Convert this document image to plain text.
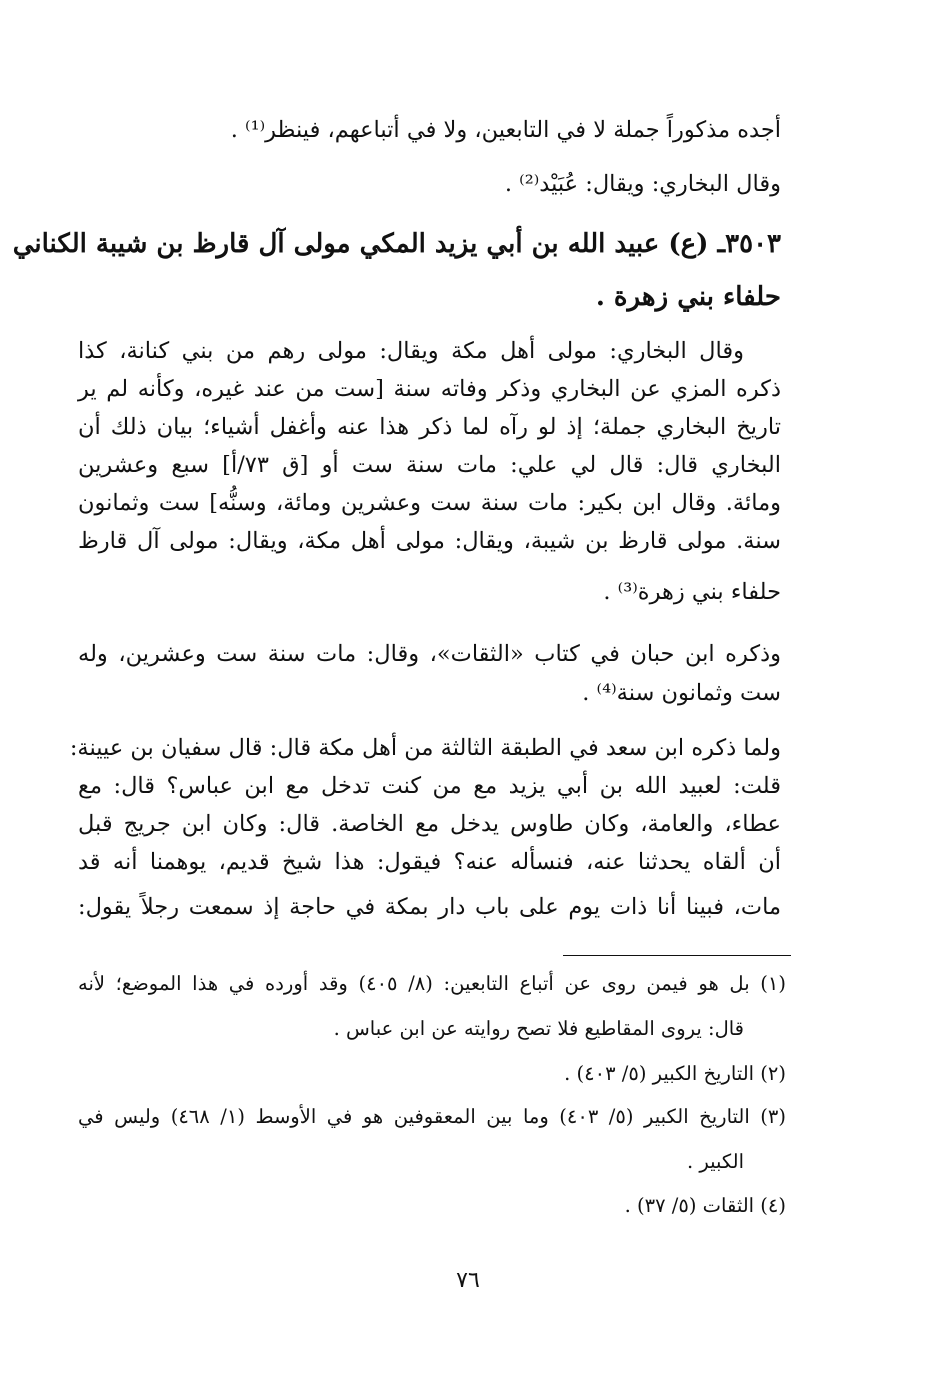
أجده مذكوراً جملة لا في التابعين، ولا في أتباعهم، فينظر⁽¹⁾ .
وقال البخاري: ويقال: عُبَيْد⁽²⁾ .
٣٥٠٣ـ (ع) عبيد الله بن أبي يزيد المكي مولى آل قارظ بن شيبة الكناني
حلفاء بني زهرة .
وقال البخاري: مولى أهل مكة ويقال: مولى رهم من بني كنانة، كذا
ذكره المزي عن البخاري وذكر وفاته سنة [ست من عند غيره، وكأنه لم ير
تاريخ البخاري جملة؛ إذ لو رآه لما ذكر هذا عنه وأغفل أشياء؛ بيان ذلك أن
البخاري قال: قال لي علي: مات سنة ست أو [ق ٧٣/أ] سبع وعشرين
ومائة. وقال ابن بكير: مات سنة ست وعشرين ومائة، وسنُّه] ست وثمانون
سنة. مولى قارظ بن شيبة، ويقال: مولى أهل مكة، ويقال: مولى آل قارظ
حلفاء بني زهرة⁽³⁾ .
وذكره ابن حبان في كتاب «الثقات»، وقال: مات سنة ست وعشرين، وله
ست وثمانون سنة⁽⁴⁾ .
ولما ذكره ابن سعد في الطبقة الثالثة من أهل مكة قال: قال سفيان بن عيينة:
قلت: لعبيد الله بن أبي يزيد مع من كنت تدخل مع ابن عباس؟ قال: مع
عطاء، والعامة، وكان طاوس يدخل مع الخاصة. قال: وكان ابن جريج قبل
أن ألقاه يحدثنا عنه، فنسأله عنه؟ فيقول: هذا شيخ قديم، يوهمنا أنه قد
مات، فبينا أنا ذات يوم على باب دار بمكة في حاجة إذ سمعت رجلاً يقول:
(١) بل هو فيمن روى عن أتباع التابعين: (٨/ ٤٠٥) وقد أورده في هذا الموضع؛ لأنه
قال: يروى المقاطيع فلا تصح روايته عن ابن عباس .
(٢) التاريخ الكبير (٥/ ٤٠٣) .
(٣) التاريخ الكبير (٥/ ٤٠٣) وما بين المعقوفين هو في الأوسط (١/ ٤٦٨) وليس في
الكبير .
(٤) الثقات (٥/ ٣٧) .
٧٦
